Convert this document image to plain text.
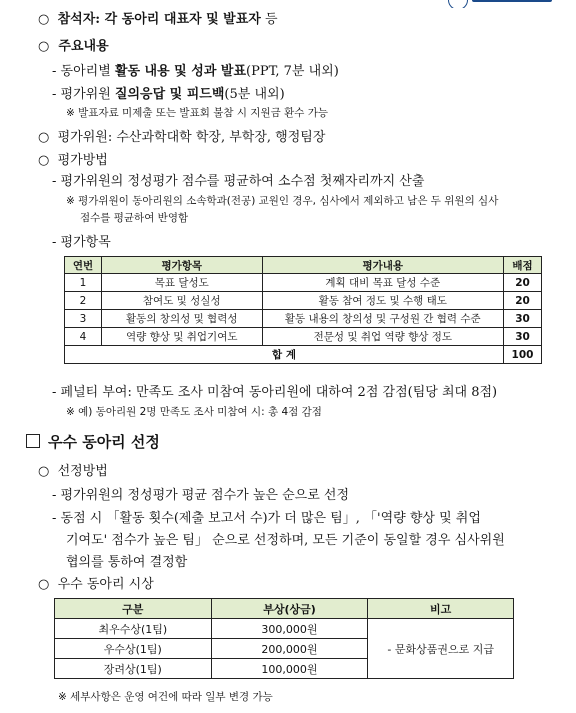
○ 참석자: 각 동아리 대표자 및 발표자 등
○ 주요내용
- 동아리별 활동 내용 및 성과 발표(PPT, 7분 내외)
- 평가위원 질의응답 및 피드백(5분 내외)
※ 발표자료 미제출 또는 발표회 불참 시 지원금 환수 가능
○ 평가위원: 수산과학대학 학장, 부학장, 행정팀장
○ 평가방법
- 평가위원의 정성평가 점수를 평균하여 소수점 첫째자리까지 산출
※ 평가위원이 동아리원의 소속학과(전공) 교원인 경우, 심사에서 제외하고 남은 두 위원의 심사
점수를 평균하여 반영함
- 평가항목
연번	평가항목	평가내용	배점
1	목표 달성도	계획 대비 목표 달성 수준	20
2	참여도 및 성실성	활동 참여 정도 및 수행 태도	20
3	활동의 창의성 및 협력성	활동 내용의 창의성 및 구성원 간 협력 수준	30
4	역량 향상 및 취업기여도	전문성 및 취업 역량 향상 정도	30
합 계			100
- 페널티 부여: 만족도 조사 미참여 동아리원에 대하여 2점 감점(팀당 최대 8점)
※ 예) 동아리원 2명 만족도 조사 미참여 시: 총 4점 감점
우수 동아리 선정
○ 선정방법
- 평가위원의 정성평가 평균 점수가 높은 순으로 선정
- 동점 시 「활동 횟수(제출 보고서 수)가 더 많은 팀」, 「'역량 향상 및 취업
기여도' 점수가 높은 팀」 순으로 선정하며, 모든 기준이 동일할 경우 심사위원
협의를 통하여 결정함
○ 우수 동아리 시상
구분	부상(상금)	비고
최우수상(1팀)	300,000원	- 문화상품권으로 지급
우수상(1팀)	200,000원	
장려상(1팀)	100,000원	
※ 세부사항은 운영 여건에 따라 일부 변경 가능
